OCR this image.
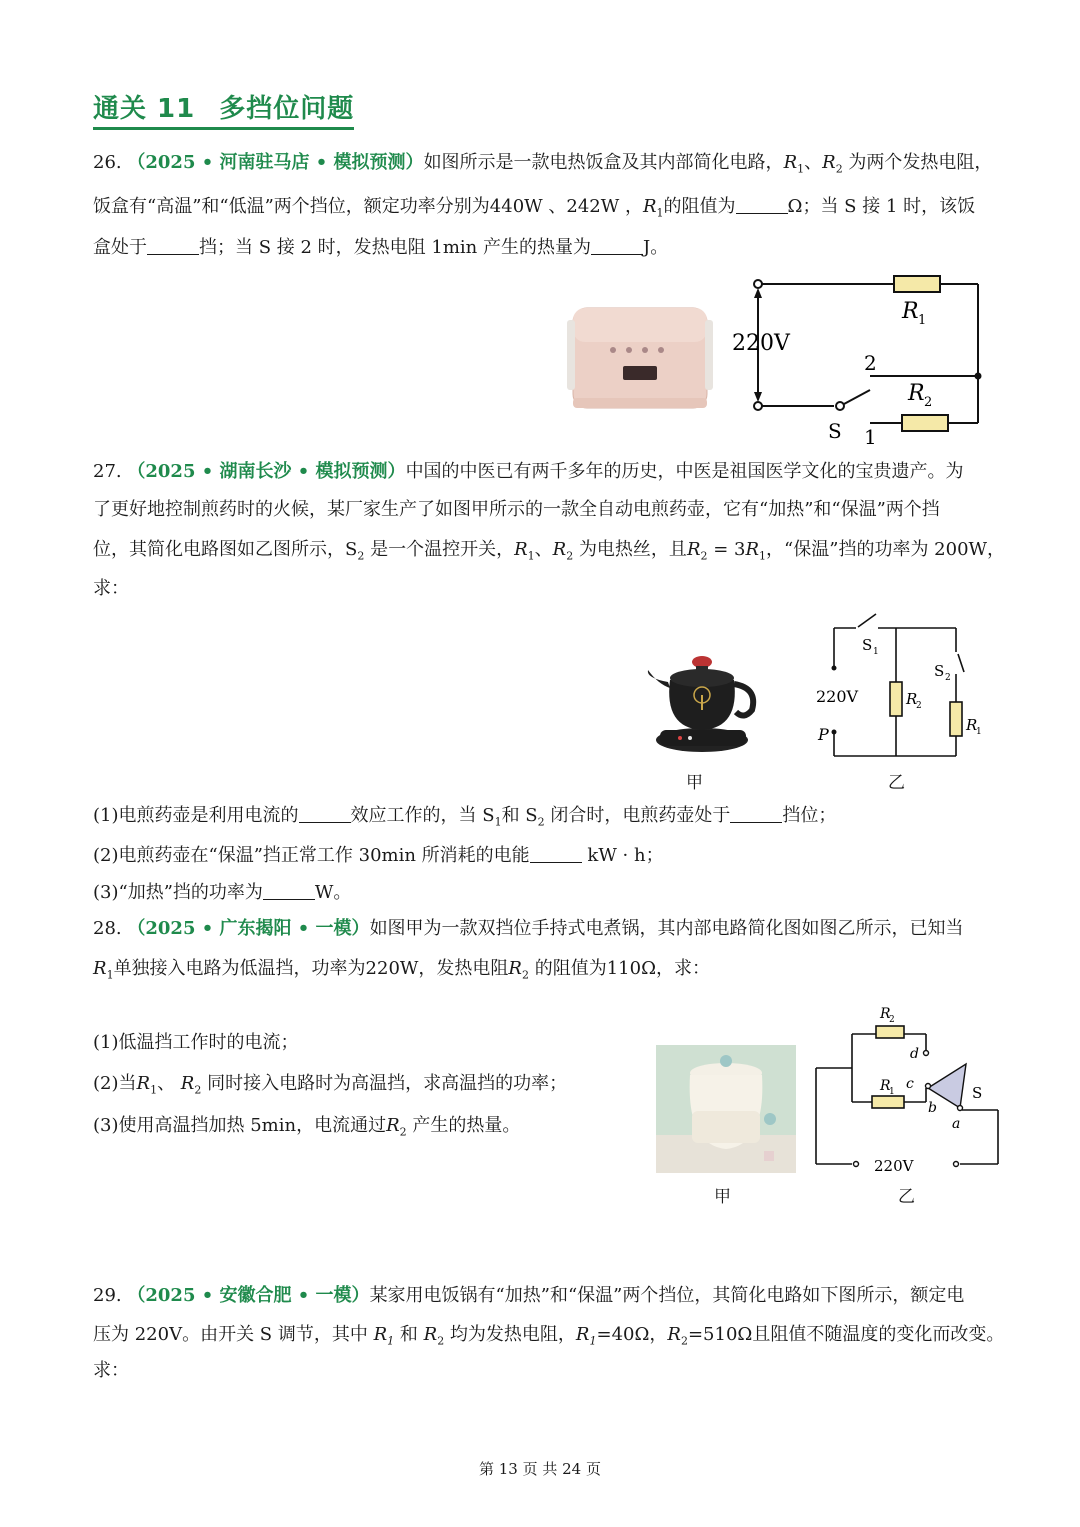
通关 11 多挡位问题
26. （2025 • 河南驻马店 • 模拟预测）如图所示是一款电热饭盒及其内部简化电路，$R_1$、$R_2$ 为两个发热电阻，
饭盒有“高温”和“低温”两个挡位，额定功率分别为440W 、242W ，$R_1$的阻值为	Ω；当 S 接 1 时，该饭
盒处于	挡；当 S 接 2 时，发热电阻 1min 产生的热量为	J。
220V
R 1
R 2
S 1
2
27. （2025 • 湖南长沙 • 模拟预测）中国的中医已有两千多年的历史，中医是祖国医学文化的宝贵遗产。为
了更好地控制煎药时的火候，某厂家生产了如图甲所示的一款全自动电煎药壶，它有“加热”和“保温”两个挡
位，其简化电路图如乙图所示，$S_2$ 是一个温控开关，$R_1$、$R_2$ 为电热丝，且$R_2 = 3R_1$，“保温”挡的功率为 200W，
求：
甲
S 1
S 2
220V
P
R
2
R
1
乙
(1)电煎药壶是利用电流的	效应工作的，当 $S_1$和 $S_2$ 闭合时，电煎药壶处于	挡位；
(2)电煎药壶在“保温”挡正常工作 30min 所消耗的电能	kW · h；
(3)“加热”挡的功率为	W。
28. （2025 • 广东揭阳 • 一模）如图甲为一款双挡位手持式电煮锅，其内部电路简化图如图乙所示，已知当
$R_1$单独接入电路为低温挡，功率为220W，发热电阻$R_2$ 的阻值为110Ω，求：
(1)低温挡工作时的电流；
(2)当$R_1$、 $R_2$ 同时接入电路时为高温挡，求高温挡的功率；
(3)使用高温挡加热 5min，电流通过$R_2$ 产生的热量。
甲
R
2
R
1
d
c
b
a
S
220V
乙
29. （2025 • 安徽合肥 • 一模）某家用电饭锅有“加热”和“保温”两个挡位，其简化电路如下图所示，额定电
压为 220V。由开关 S 调节，其中 $R_1$ 和 $R_2$ 均为发热电阻，$R_1=40\Omega$，$R_2=510\Omega$且阻值不随温度的变化而改变。
求：
第 13 页 共 24 页
